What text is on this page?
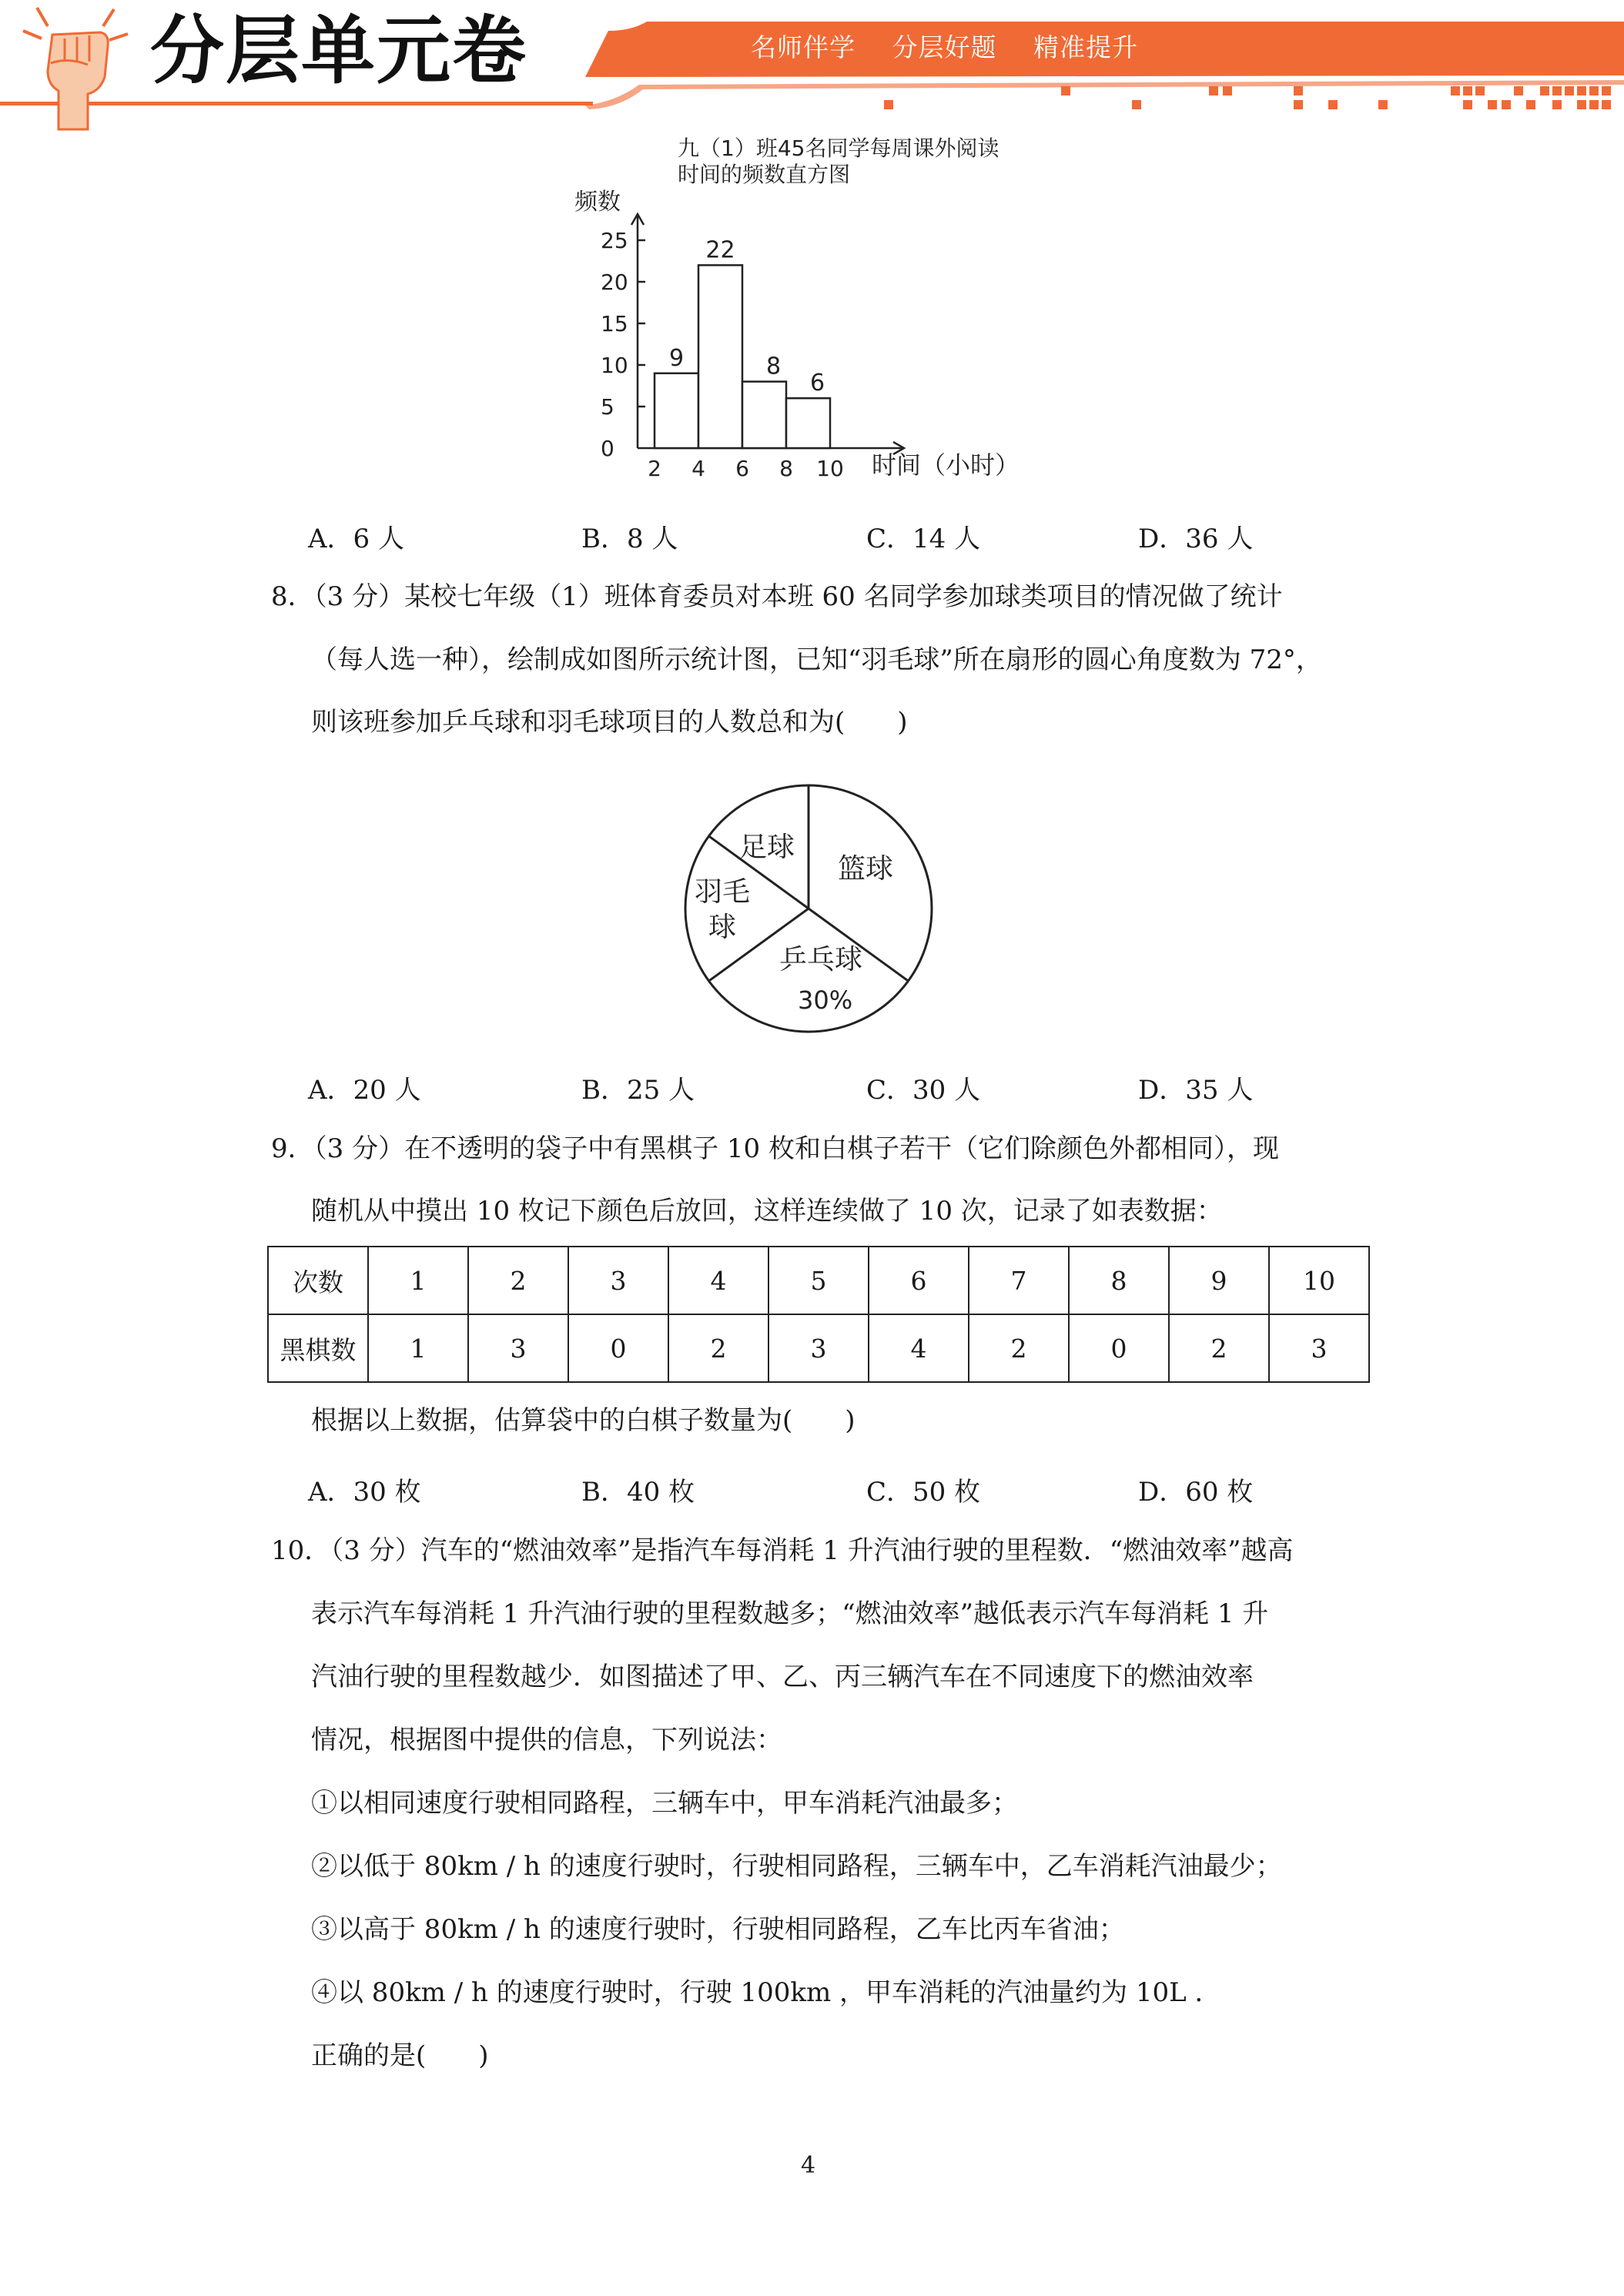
分层单元卷	名师伴学 分层好题 精准提升
九（1）班45名同学每周课外阅读
时间的频数直方图
频数
时间（小时）
0
5
10
15
20
25
2 4 6 8 10
9
22
8
6
A．6 人	B．8 人	C．14 人	D．36 人
8．（3 分）某校七年级（1）班体育委员对本班 60 名同学参加球类项目的情况做了统计
（每人选一种），绘制成如图所示统计图，已知“羽毛球”所在扇形的圆心角度数为 72°，
则该班参加乒乓球和羽毛球项目的人数总和为(　　)
足球
篮球
羽毛
球
乒乓球
30%
A．20 人	B．25 人	C．30 人	D．35 人
9．（3 分）在不透明的袋子中有黑棋子 10 枚和白棋子若干（它们除颜色外都相同），现
随机从中摸出 10 枚记下颜色后放回，这样连续做了 10 次，记录了如表数据：
次数	1	2	3	4	5	6	7	8	9	10
黑棋数	1	3	0	2	3	4	2	0	2	3
根据以上数据，估算袋中的白棋子数量为(　　)
A．30 枚	B．40 枚	C．50 枚	D．60 枚
10．（3 分）汽车的“燃油效率”是指汽车每消耗 1 升汽油行驶的里程数．“燃油效率”越高
表示汽车每消耗 1 升汽油行驶的里程数越多；“燃油效率”越低表示汽车每消耗 1 升
汽油行驶的里程数越少．如图描述了甲、乙、丙三辆汽车在不同速度下的燃油效率
情况，根据图中提供的信息，下列说法：
①以相同速度行驶相同路程，三辆车中，甲车消耗汽油最多；
②以低于 80km / h 的速度行驶时，行驶相同路程，三辆车中，乙车消耗汽油最少；
③以高于 80km / h 的速度行驶时，行驶相同路程，乙车比丙车省油；
④以 80km / h 的速度行驶时，行驶 100km ，甲车消耗的汽油量约为 10L ．
正确的是(　　)
4
